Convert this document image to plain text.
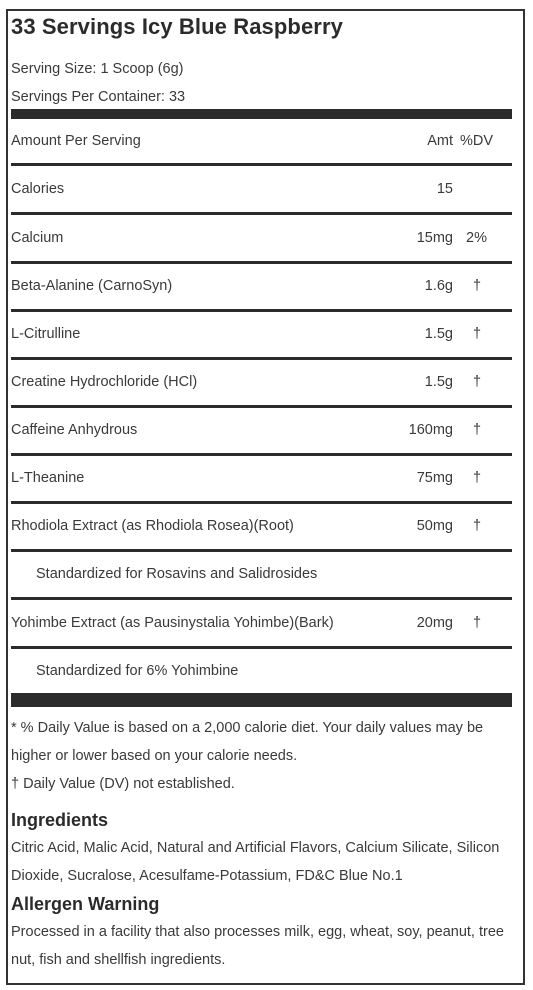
33 Servings Icy Blue Raspberry
Serving Size: 1 Scoop (6g)
Servings Per Container: 33
Amount Per Serving	Amt %DV
Calories	15
Calcium	15mg 2%
Beta-Alanine (CarnoSyn)	1.6g †
L-Citrulline	1.5g †
Creatine Hydrochloride (HCl)	1.5g †
Caffeine Anhydrous	160mg †
L-Theanine	75mg †
Rhodiola Extract (as Rhodiola Rosea)(Root)	50mg †
Standardized for Rosavins and Salidrosides
Yohimbe Extract (as Pausinystalia Yohimbe)(Bark)	20mg †
Standardized for 6% Yohimbine
* % Daily Value is based on a 2,000 calorie diet. Your daily values may be higher or lower based on your calorie needs.
† Daily Value (DV) not established.
Ingredients
Citric Acid, Malic Acid, Natural and Artificial Flavors, Calcium Silicate, Silicon Dioxide, Sucralose, Acesulfame-Potassium, FD&C Blue No.1
Allergen Warning
Processed in a facility that also processes milk, egg, wheat, soy, peanut, tree nut, fish and shellfish ingredients.
